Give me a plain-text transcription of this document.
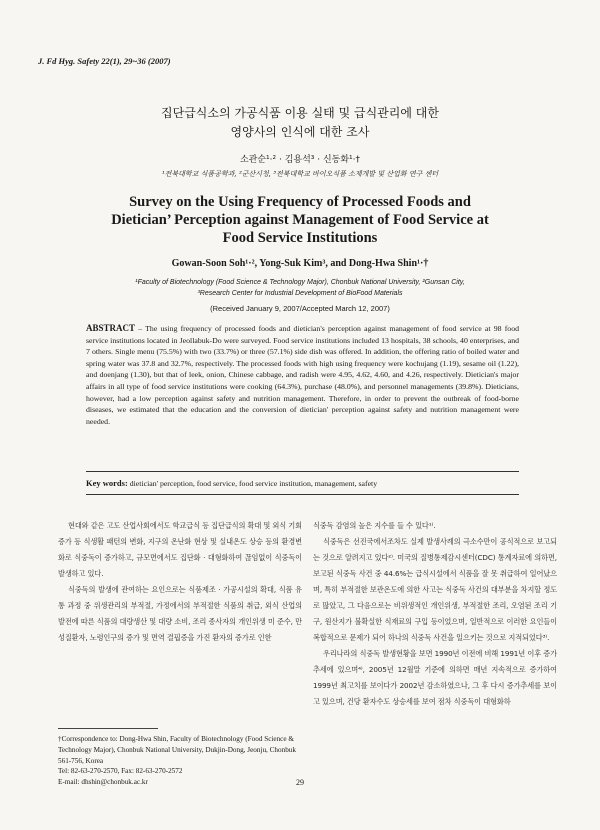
J. Fd Hyg. Safety 22(1), 29~36 (2007)
집단급식소의 가공식품 이용 실태 및 급식관리에 대한
영양사의 인식에 대한 조사
소관순¹·² · 김용석³ · 신동화¹·†
¹전북대학교 식품공학과, ²군산시청, ³전북대학교 바이오식품 소재개발 및 산업화 연구 센터
Survey on the Using Frequency of Processed Foods and
Dietician’ Perception against Management of Food Service at
Food Service Institutions
Gowan-Soon Soh¹·², Yong-Suk Kim³, and Dong-Hwa Shin¹·†
¹Faculty of Biotechnology (Food Science & Technology Major), Chonbuk National University, ²Gunsan City,
³Research Center for Industrial Development of BioFood Materials
(Received January 9, 2007/Accepted March 12, 2007)
ABSTRACT – The using frequency of processed foods and dietician's perception against management of food service at 98 food service institutions located in Jeollabuk-Do were surveyed. Food service institutions included 13 hospitals, 38 schools, 40 enterprises, and 7 others. Single menu (75.5%) with two (33.7%) or three (57.1%) side dish was offered. In addition, the offering ratio of boiled water and spring water was 37.8 and 32.7%, respectively. The processed foods with high using frequency were kochujang (1.19), sesame oil (1.22), and doenjang (1.30), but that of leek, onion, Chinese cabbage, and radish were 4.95, 4.62, 4.60, and 4.26, respectively. Dietician's major affairs in all type of food service institutions were cooking (64.3%), purchase (48.0%), and personnel managements (39.8%). Dieticians, however, had a low perception against safety and nutrition management. Therefore, in order to prevent the outbreak of food-borne diseases, we estimated that the education and the conversion of dietician' perception against safety and nutrition management were needed.
Key words: dietician' perception, food service, food service institution, management, safety

현대와 같은 고도 산업사회에서도 학교급식 등 집단급식의 확대 및 외식 기회 증가 등 식생활 패턴의 변화, 지구의 온난화 현상 및 실내온도 상승 등의 환경변화로 식중독이 증가하고, 규모면에서도 집단화 · 대형화하여 끊임없이 식중독이 발생하고 있다.

식중독의 발생에 관여하는 요인으로는 식품제조 · 가공시설의 확대, 식품 유통 과정 중 위생관리의 부적절, 가정에서의 부적절한 식품의 취급, 외식 산업의 발전에 따른 식품의 대량생산 및 대량 소비, 조리 종사자의 개인위생 미 준수, 만성질환자, 노령인구의 증가 및 면역 결핍증을 가진 환자의 증가로 인한

식중독 감염의 높은 지수를 들 수 있다¹⁾.

식중독은 선진국에서조차도 실제 발생사례의 극소수만이 공식적으로 보고되는 것으로 알려지고 있다²⁾. 미국의 질병통제감시센터(CDC) 통계자료에 의하면, 보고된 식중독 사건 중 44.6%는 급식시설에서 식품을 잘 못 취급하여 일어났으며, 특히 부적절한 보관온도에 의한 사고는 식중독 사건의 대부분을 차지할 정도로 많았고, 그 다음으로는 비위생적인 개인위생, 부적절한 조리, 오염된 조리 기구, 원산지가 불확실한 식재료의 구입 등이었으며, 일반적으로 이러한 요인들이 복합적으로 문제가 되어 하나의 식중독 사건을 일으키는 것으로 지적되었다³⁾.

우리나라의 식중독 발생현황을 보면 1990년 이전에 비해 1991년 이후 증가 추세에 있으며⁴⁾, 2005년 12월말 기준에 의하면 매년 지속적으로 증가하여 1999년 최고치를 보이다가 2002년 감소하였으나, 그 후 다시 증가추세를 보이고 있으며, 건당 환자수도 상승세를 보여 점차 식중독이 대형화하

†Correspondence to: Dong-Hwa Shin, Faculty of Biotechnology (Food Science & Technology Major), Chonbuk National University, Dukjin-Dong, Jeonju, Chonbuk 561-756, Korea
Tel: 82-63-270-2570, Fax: 82-63-270-2572
E-mail: dhshin@chonbuk.ac.kr	29
